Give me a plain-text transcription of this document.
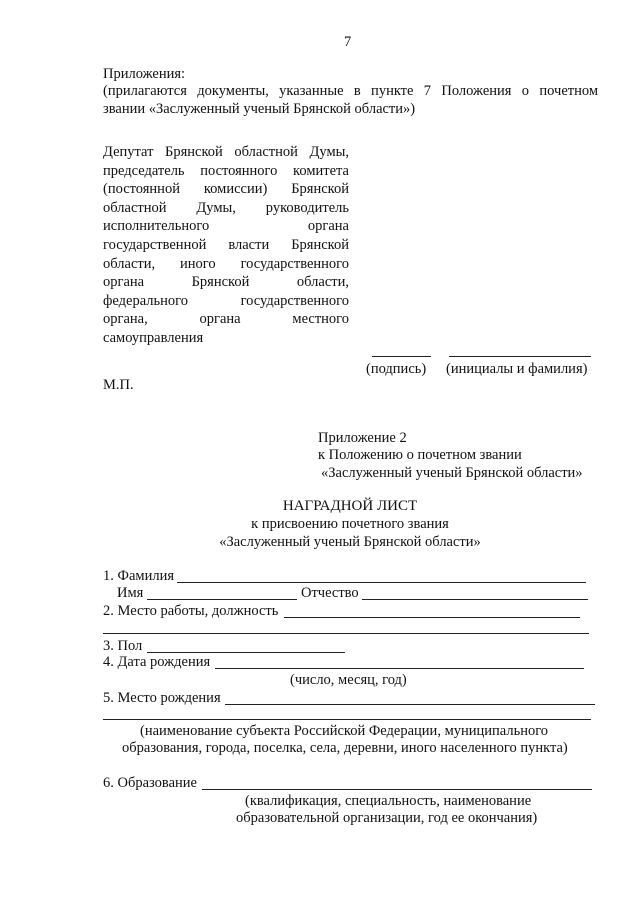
7
Приложения:
(прилагаются документы, указанные в пункте 7 Положения о почетном
звании «Заслуженный ученый Брянской области»)
Депутат Брянской областной Думы,
председатель постоянного комитета
(постоянной комиссии) Брянской
областной Думы, руководитель
исполнительного органа
государственной власти Брянской
области, иного государственного
органа Брянской области,
федерального государственного
органа, органа местного
самоуправления
(подпись) (инициалы и фамилия)
М.П.
Приложение 2
к Положению о почетном звании
«Заслуженный ученый Брянской области»
НАГРАДНОЙ ЛИСТ
к присвоению почетного звания
«Заслуженный ученый Брянской области»
1. Фамилия
Имя	Отчество
2. Место работы, должность
3. Пол
4. Дата рождения
(число, месяц, год)
5. Место рождения
(наименование субъекта Российской Федерации, муниципального
образования, города, поселка, села, деревни, иного населенного пункта)
6. Образование
(квалификация, специальность, наименование
образовательной организации, год ее окончания)
